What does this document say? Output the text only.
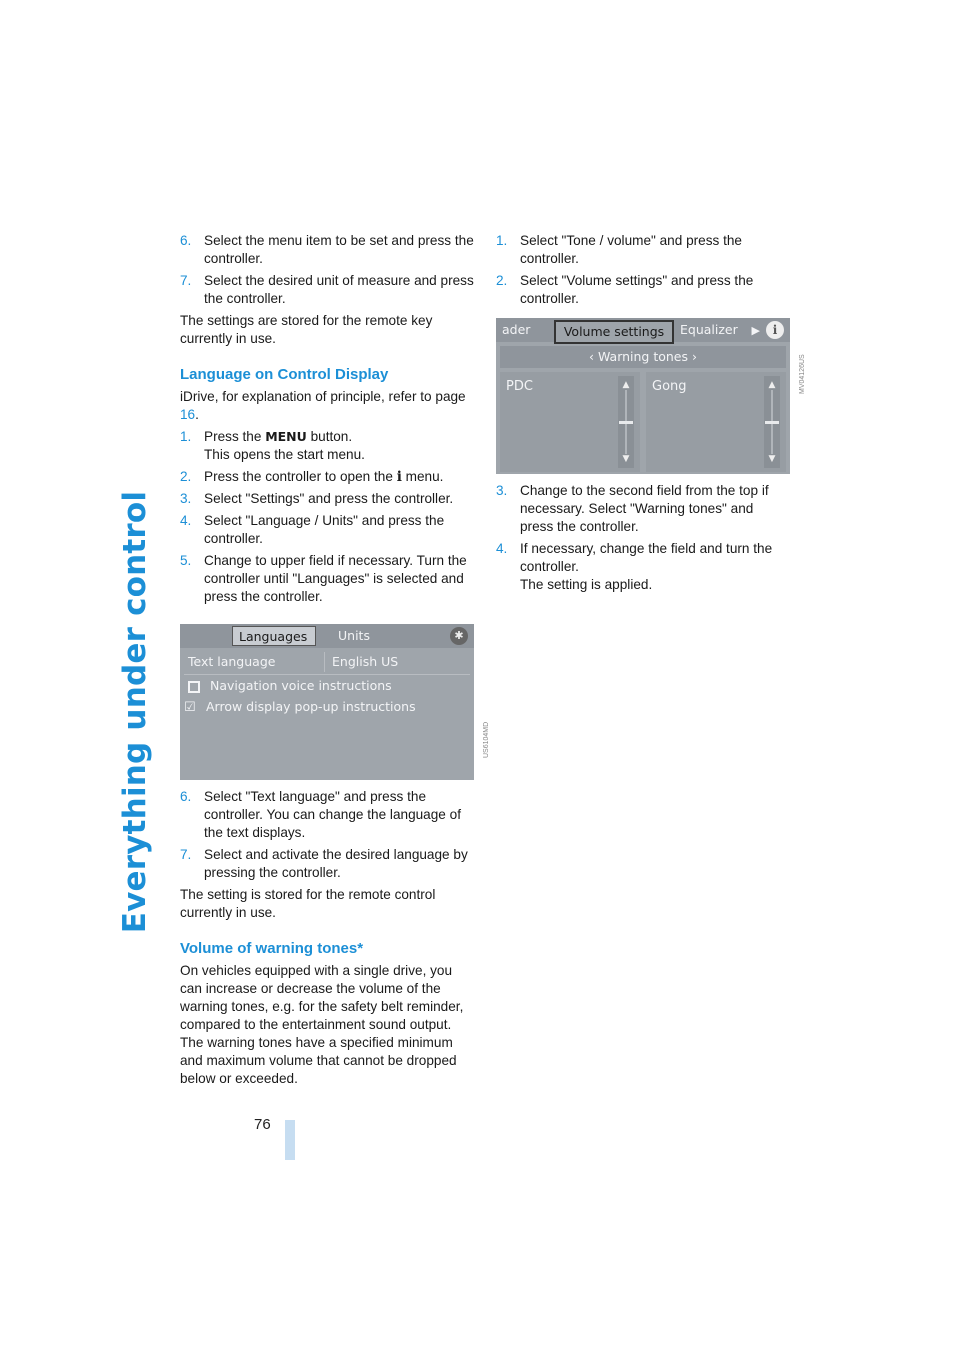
Everything under control
6. Select the menu item to be set and press the controller.
7. Select the desired unit of measure and press the controller.

The settings are stored for the remote key currently in use.

Language on Control Display

iDrive, for explanation of principle, refer to page 16.

1. Press the MENU button.
This opens the start menu.
2. Press the controller to open the i menu.
3. Select "Settings" and press the controller.
4. Select "Language / Units" and press the controller.
5. Change to upper field if necessary. Turn the controller until "Languages" is selected and press the controller.
Languages	Units	✱
Text language	English US
Navigation voice instructions
☑ Arrow display pop-up instructions
US6104MD
6. Select "Text language" and press the controller. You can change the language of the text displays.
7. Select and activate the desired language by pressing the controller.

The setting is stored for the remote control currently in use.

Volume of warning tones*

On vehicles equipped with a single drive, you can increase or decrease the volume of the warning tones, e.g. for the safety belt reminder, compared to the entertainment sound output. The warning tones have a specified minimum and maximum volume that cannot be dropped below or exceeded.

1. Select "Tone / volume" and press the controller.
2. Select "Volume settings" and press the controller.
ader	Volume settings	Equalizer ▶	i
‹ Warning tones ›
PDC	▲
▼
Gong	▲
▼
MV04126US
3. Change to the second field from the top if necessary. Select "Warning tones" and press the controller.
4. If necessary, change the field and turn the controller.
The setting is applied.
76
